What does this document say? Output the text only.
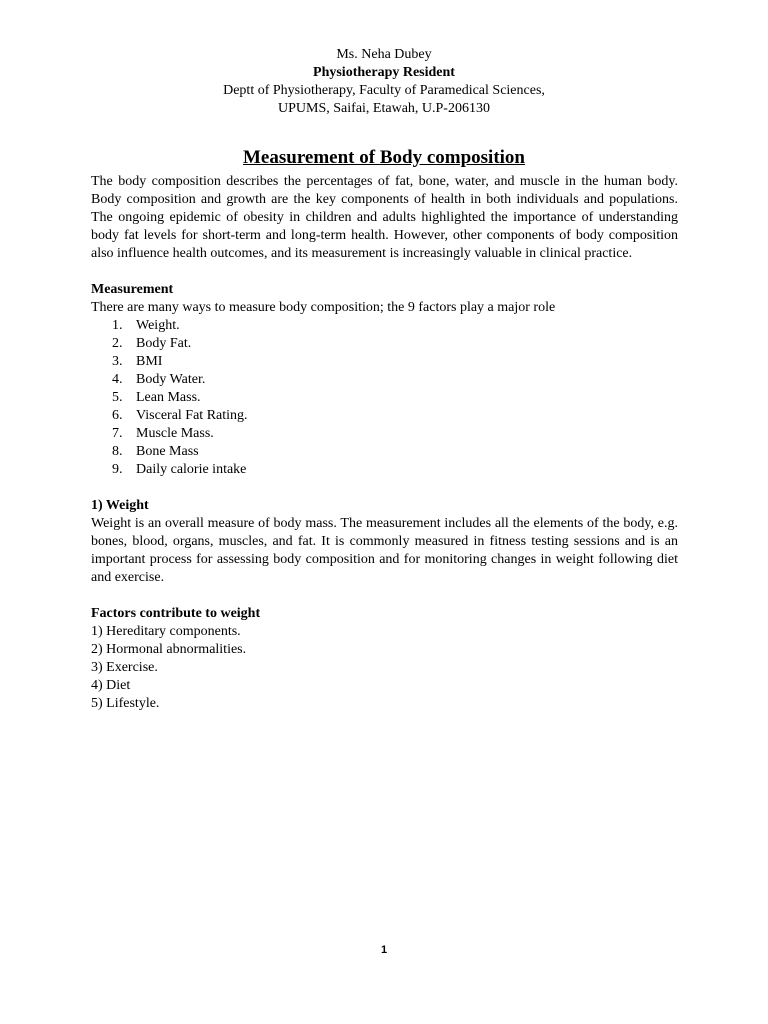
Ms. Neha Dubey
Physiotherapy Resident
Deptt of Physiotherapy, Faculty of Paramedical Sciences,
UPUMS, Saifai, Etawah, U.P-206130
Measurement of Body composition

The body composition describes the percentages of fat, bone, water, and muscle in the human body. Body composition and growth are the key components of health in both individuals and populations. The ongoing epidemic of obesity in children and adults highlighted the importance of understanding body fat levels for short-term and long-term health. However, other components of body composition also influence health outcomes, and its measurement is increasingly valuable in clinical practice.

Measurement
There are many ways to measure body composition; the 9 factors play a major role
1. Weight.
2. Body Fat.
3. BMI
4. Body Water.
5. Lean Mass.
6. Visceral Fat Rating.
7. Muscle Mass.
8. Bone Mass
9. Daily calorie intake
1) Weight

Weight is an overall measure of body mass. The measurement includes all the elements of the body, e.g. bones, blood, organs, muscles, and fat. It is commonly measured in fitness testing sessions and is an important process for assessing body composition and for monitoring changes in weight following diet and exercise.

Factors contribute to weight
1) Hereditary components.
2) Hormonal abnormalities.
3) Exercise.
4) Diet
5) Lifestyle.
1
